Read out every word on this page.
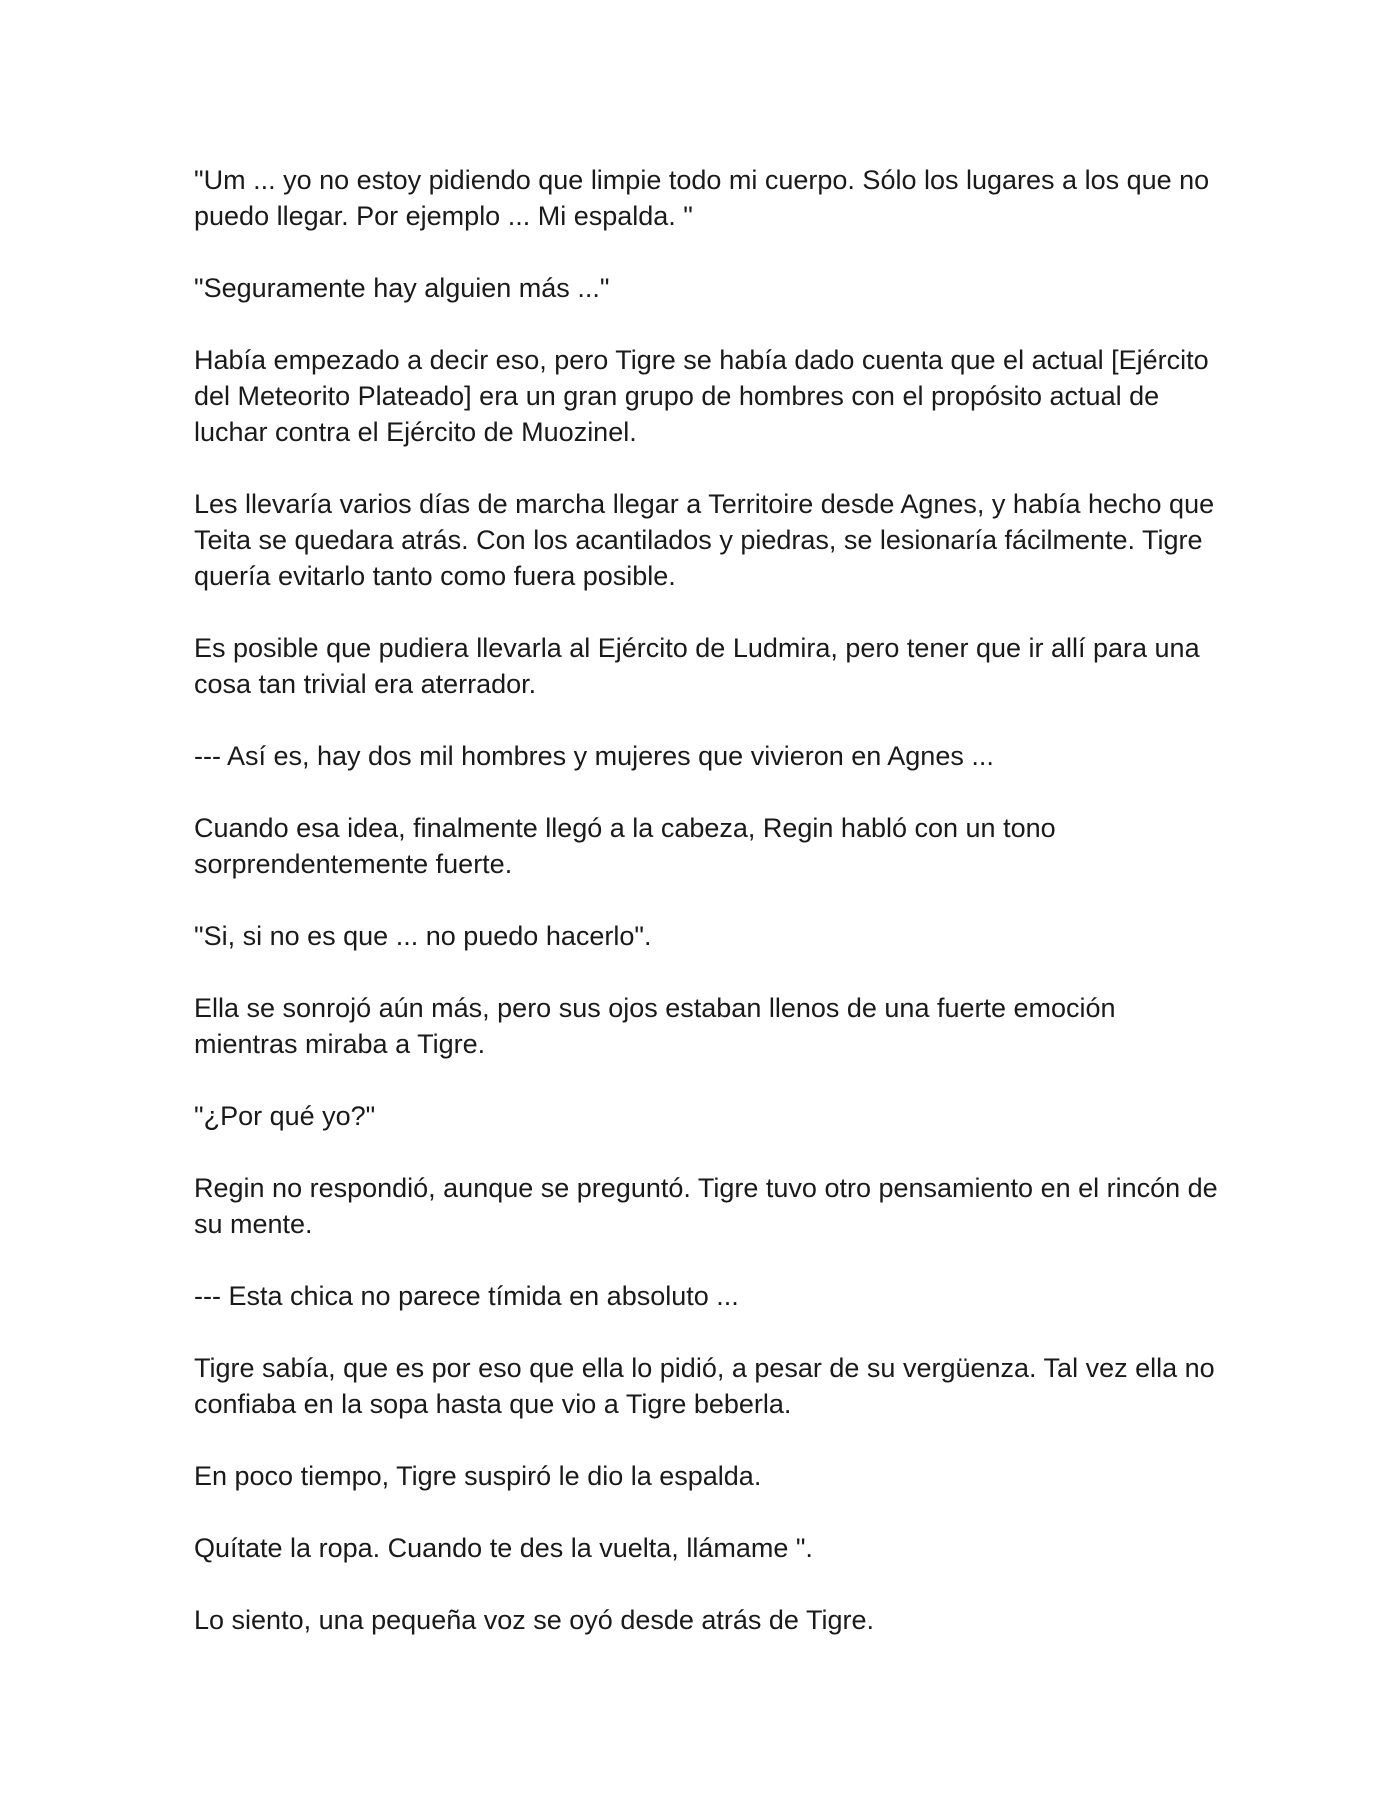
"Um ... yo no estoy pidiendo que limpie todo mi cuerpo. Sólo los lugares a los que no puedo llegar. Por ejemplo ... Mi espalda. "

"Seguramente hay alguien más ..."

Había empezado a decir eso, pero Tigre se había dado cuenta que el actual [Ejército del Meteorito Plateado] era un gran grupo de hombres con el propósito actual de luchar contra el Ejército de Muozinel.

Les llevaría varios días de marcha llegar a Territoire desde Agnes, y había hecho que Teita se quedara atrás. Con los acantilados y piedras, se lesionaría fácilmente. Tigre quería evitarlo tanto como fuera posible.

Es posible que pudiera llevarla al Ejército de Ludmira, pero tener que ir allí para una cosa tan trivial era aterrador.

--- Así es, hay dos mil hombres y mujeres que vivieron en Agnes ...

Cuando esa idea, finalmente llegó a la cabeza, Regin habló con un tono sorprendentemente fuerte.

"Si, si no es que ... no puedo hacerlo".

Ella se sonrojó aún más, pero sus ojos estaban llenos de una fuerte emoción mientras miraba a Tigre.

"¿Por qué yo?"

Regin no respondió, aunque se preguntó. Tigre tuvo otro pensamiento en el rincón de su mente.

--- Esta chica no parece tímida en absoluto ...

Tigre sabía, que es por eso que ella lo pidió, a pesar de su vergüenza. Tal vez ella no confiaba en la sopa hasta que vio a Tigre beberla.

En poco tiempo, Tigre suspiró le dio la espalda.

Quítate la ropa. Cuando te des la vuelta, llámame ".

Lo siento, una pequeña voz se oyó desde atrás de Tigre.
